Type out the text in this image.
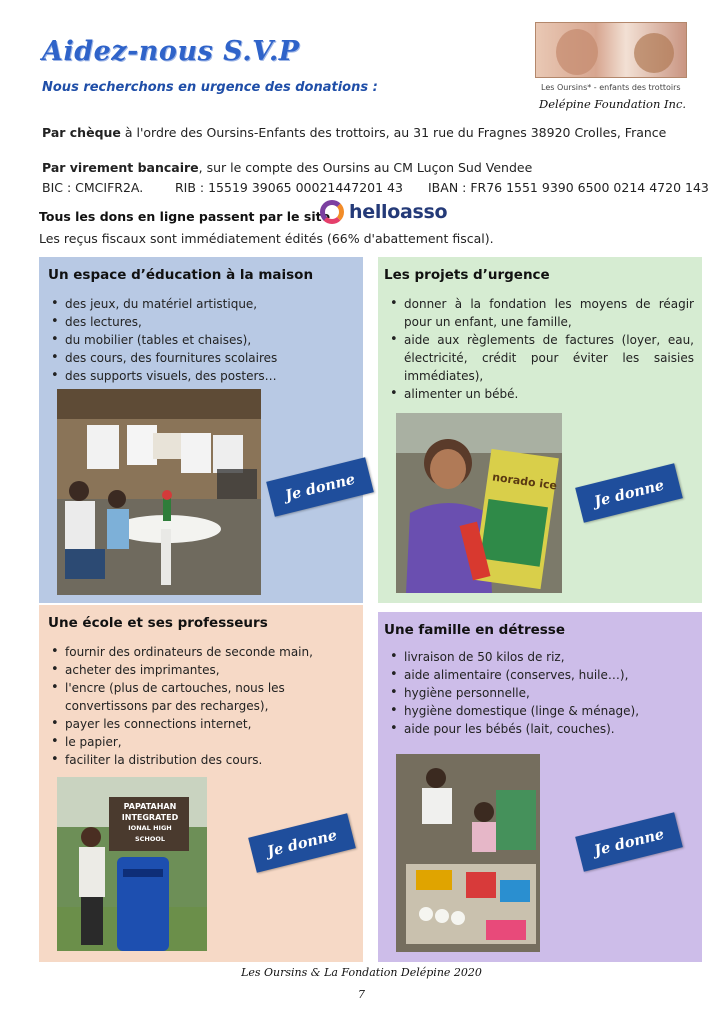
Aidez-nous S.V.P
Nous recherchons en urgence des donations :	Les Oursins* - enfants des trottoirs
Delépine Foundation Inc.
Par chèque à l'ordre des Oursins-Enfants des trottoirs, au 31 rue du Fragnes 38920 Crolles, France
Par virement bancaire, sur le compte des Oursins au CM Luçon Sud Vendee
BIC : CMCIFR2A.	RIB : 15519 39065 00021447201 43 IBAN : FR76 1551 9390 6500 0214 4720 143
Tous les dons en ligne passent par le site helloasso
Les reçus fiscaux sont immédiatement édités (66% d'abattement fiscal).
Un espace d’éducation à la maison
• des jeux, du matériel artistique,
• des lectures,
• du mobilier (tables et chaises),
• des cours, des fournitures scolaires
• des supports visuels, des posters…
Je donne
Les projets d’urgence
• donner à la fondation les moyens de réagir pour un enfant, une famille,
• aide aux règlements de factures (loyer, eau, électricité, crédit pour éviter les saisies immédiates),
• alimenter un bébé.
norado ice	Je donne
Une école et ses professeurs
• fournir des ordinateurs de seconde main,
• acheter des imprimantes,
• l'encre (plus de cartouches, nous les convertissons par des recharges),
• payer les connections internet,
• le papier,
• faciliter la distribution des cours.
PAPATAHAN
INTEGRATED
IONAL HIGH SCHOOL	Je donne
Une famille en détresse
• livraison de 50 kilos de riz,
• aide alimentaire (conserves, huile…),
• hygiène personnelle,
• hygiène domestique (linge & ménage),
• aide pour les bébés (lait, couches).
Je donne
Les Oursins & La Fondation Delépine 2020
7
